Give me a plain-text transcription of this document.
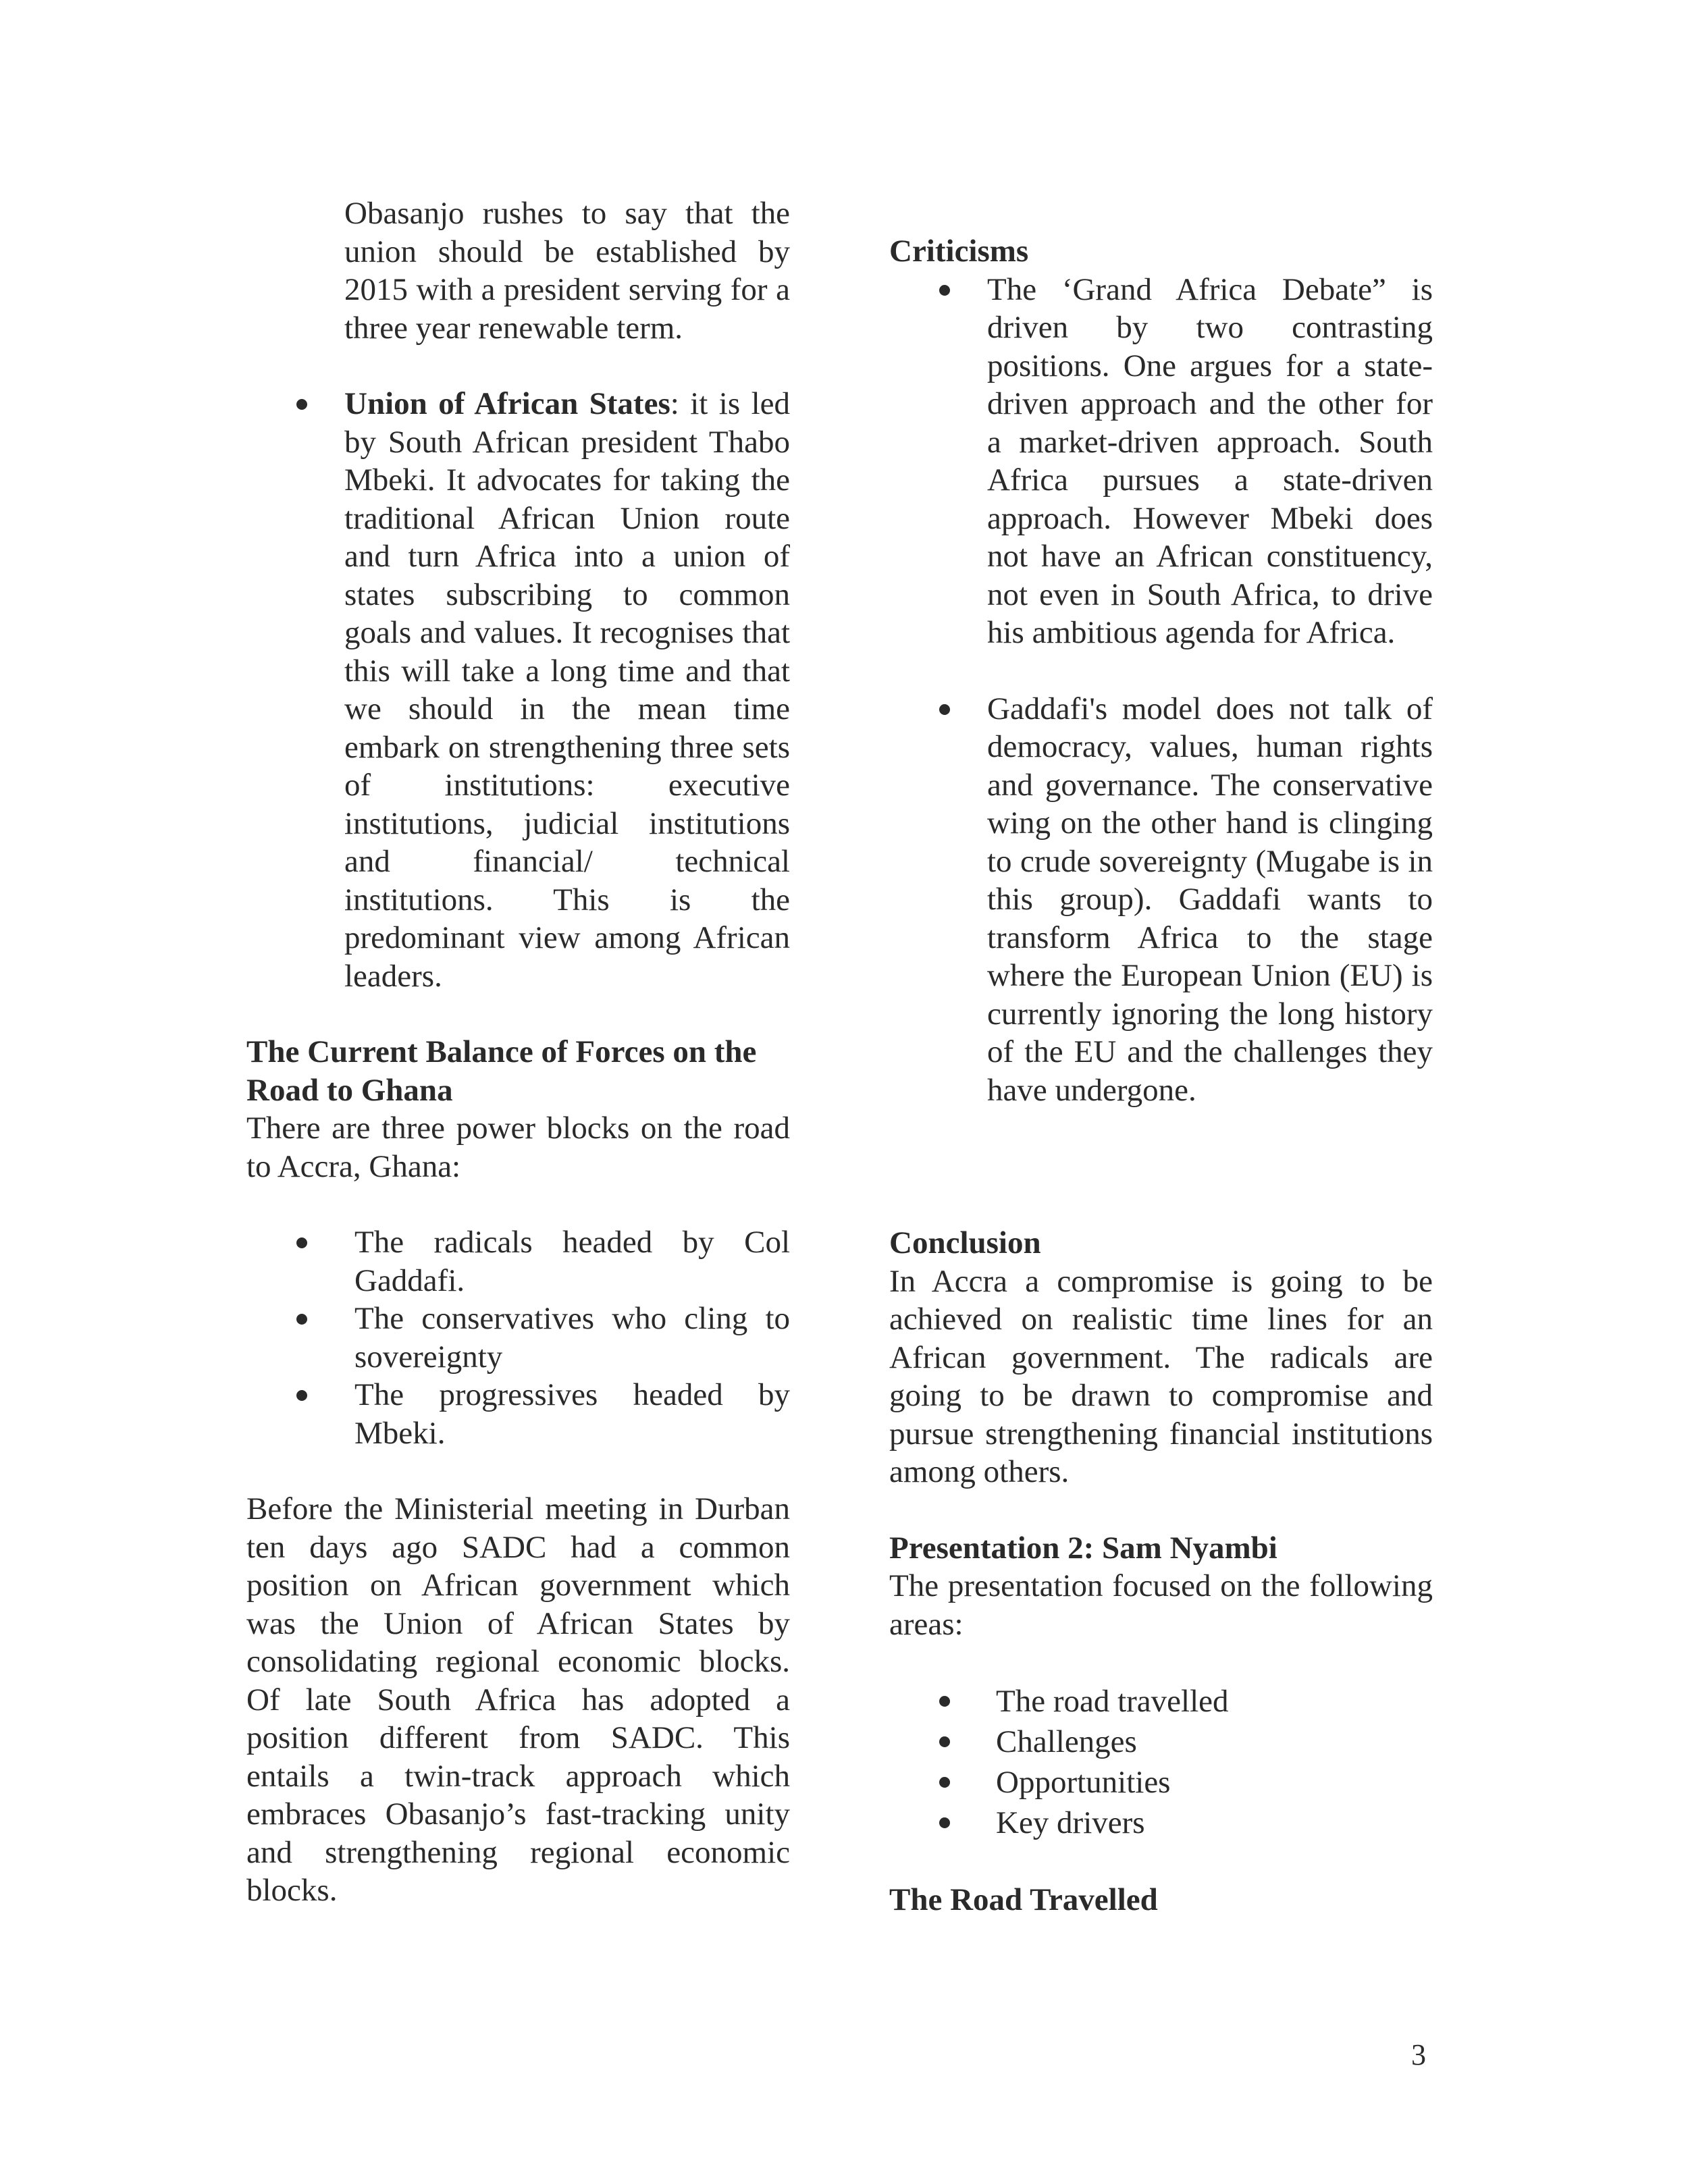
Obasanjo rushes to say that the union should be established by 2015 with a president serving for a three year renewable term.

Union of African States: it is led by South African president Thabo Mbeki. It advocates for taking the traditional African Union route and turn Africa into a union of states subscribing to common goals and values. It recognises that this will take a long time and that we should in the mean time embark on strengthening three sets of institutions: executive institutions, judicial institutions and financial/ technical institutions. This is the predominant view among African leaders.

The Current Balance of Forces on the Road to Ghana

There are three power blocks on the road to Accra, Ghana:

The radicals headed by Col Gaddafi.

The conservatives who cling to sovereignty

The progressives headed by Mbeki.

Before the Ministerial meeting in Durban ten days ago SADC had a common position on African government which was the Union of African States by consolidating regional economic blocks. Of late South Africa has adopted a position different from SADC. This entails a twin-track approach which embraces Obasanjo’s fast-tracking unity and strengthening regional economic blocks.

Criticisms

The ‘Grand Africa Debate” is driven by two contrasting positions. One argues for a state-driven approach and the other for a market-driven approach. South Africa pursues a state-driven approach. However Mbeki does not have an African constituency, not even in South Africa, to drive his ambitious agenda for Africa.

Gaddafi's model does not talk of democracy, values, human rights and governance. The conservative wing on the other hand is clinging to crude sovereignty (Mugabe is in this group). Gaddafi wants to transform Africa to the stage where the European Union (EU) is currently ignoring the long history of the EU and the challenges they have undergone.

Conclusion

In Accra a compromise is going to be achieved on realistic time lines for an African government. The radicals are going to be drawn to compromise and pursue strengthening financial institutions among others.

Presentation 2: Sam Nyambi

The presentation focused on the following areas:

The road travelled
Challenges
Opportunities
Key drivers
The Road Travelled
3
